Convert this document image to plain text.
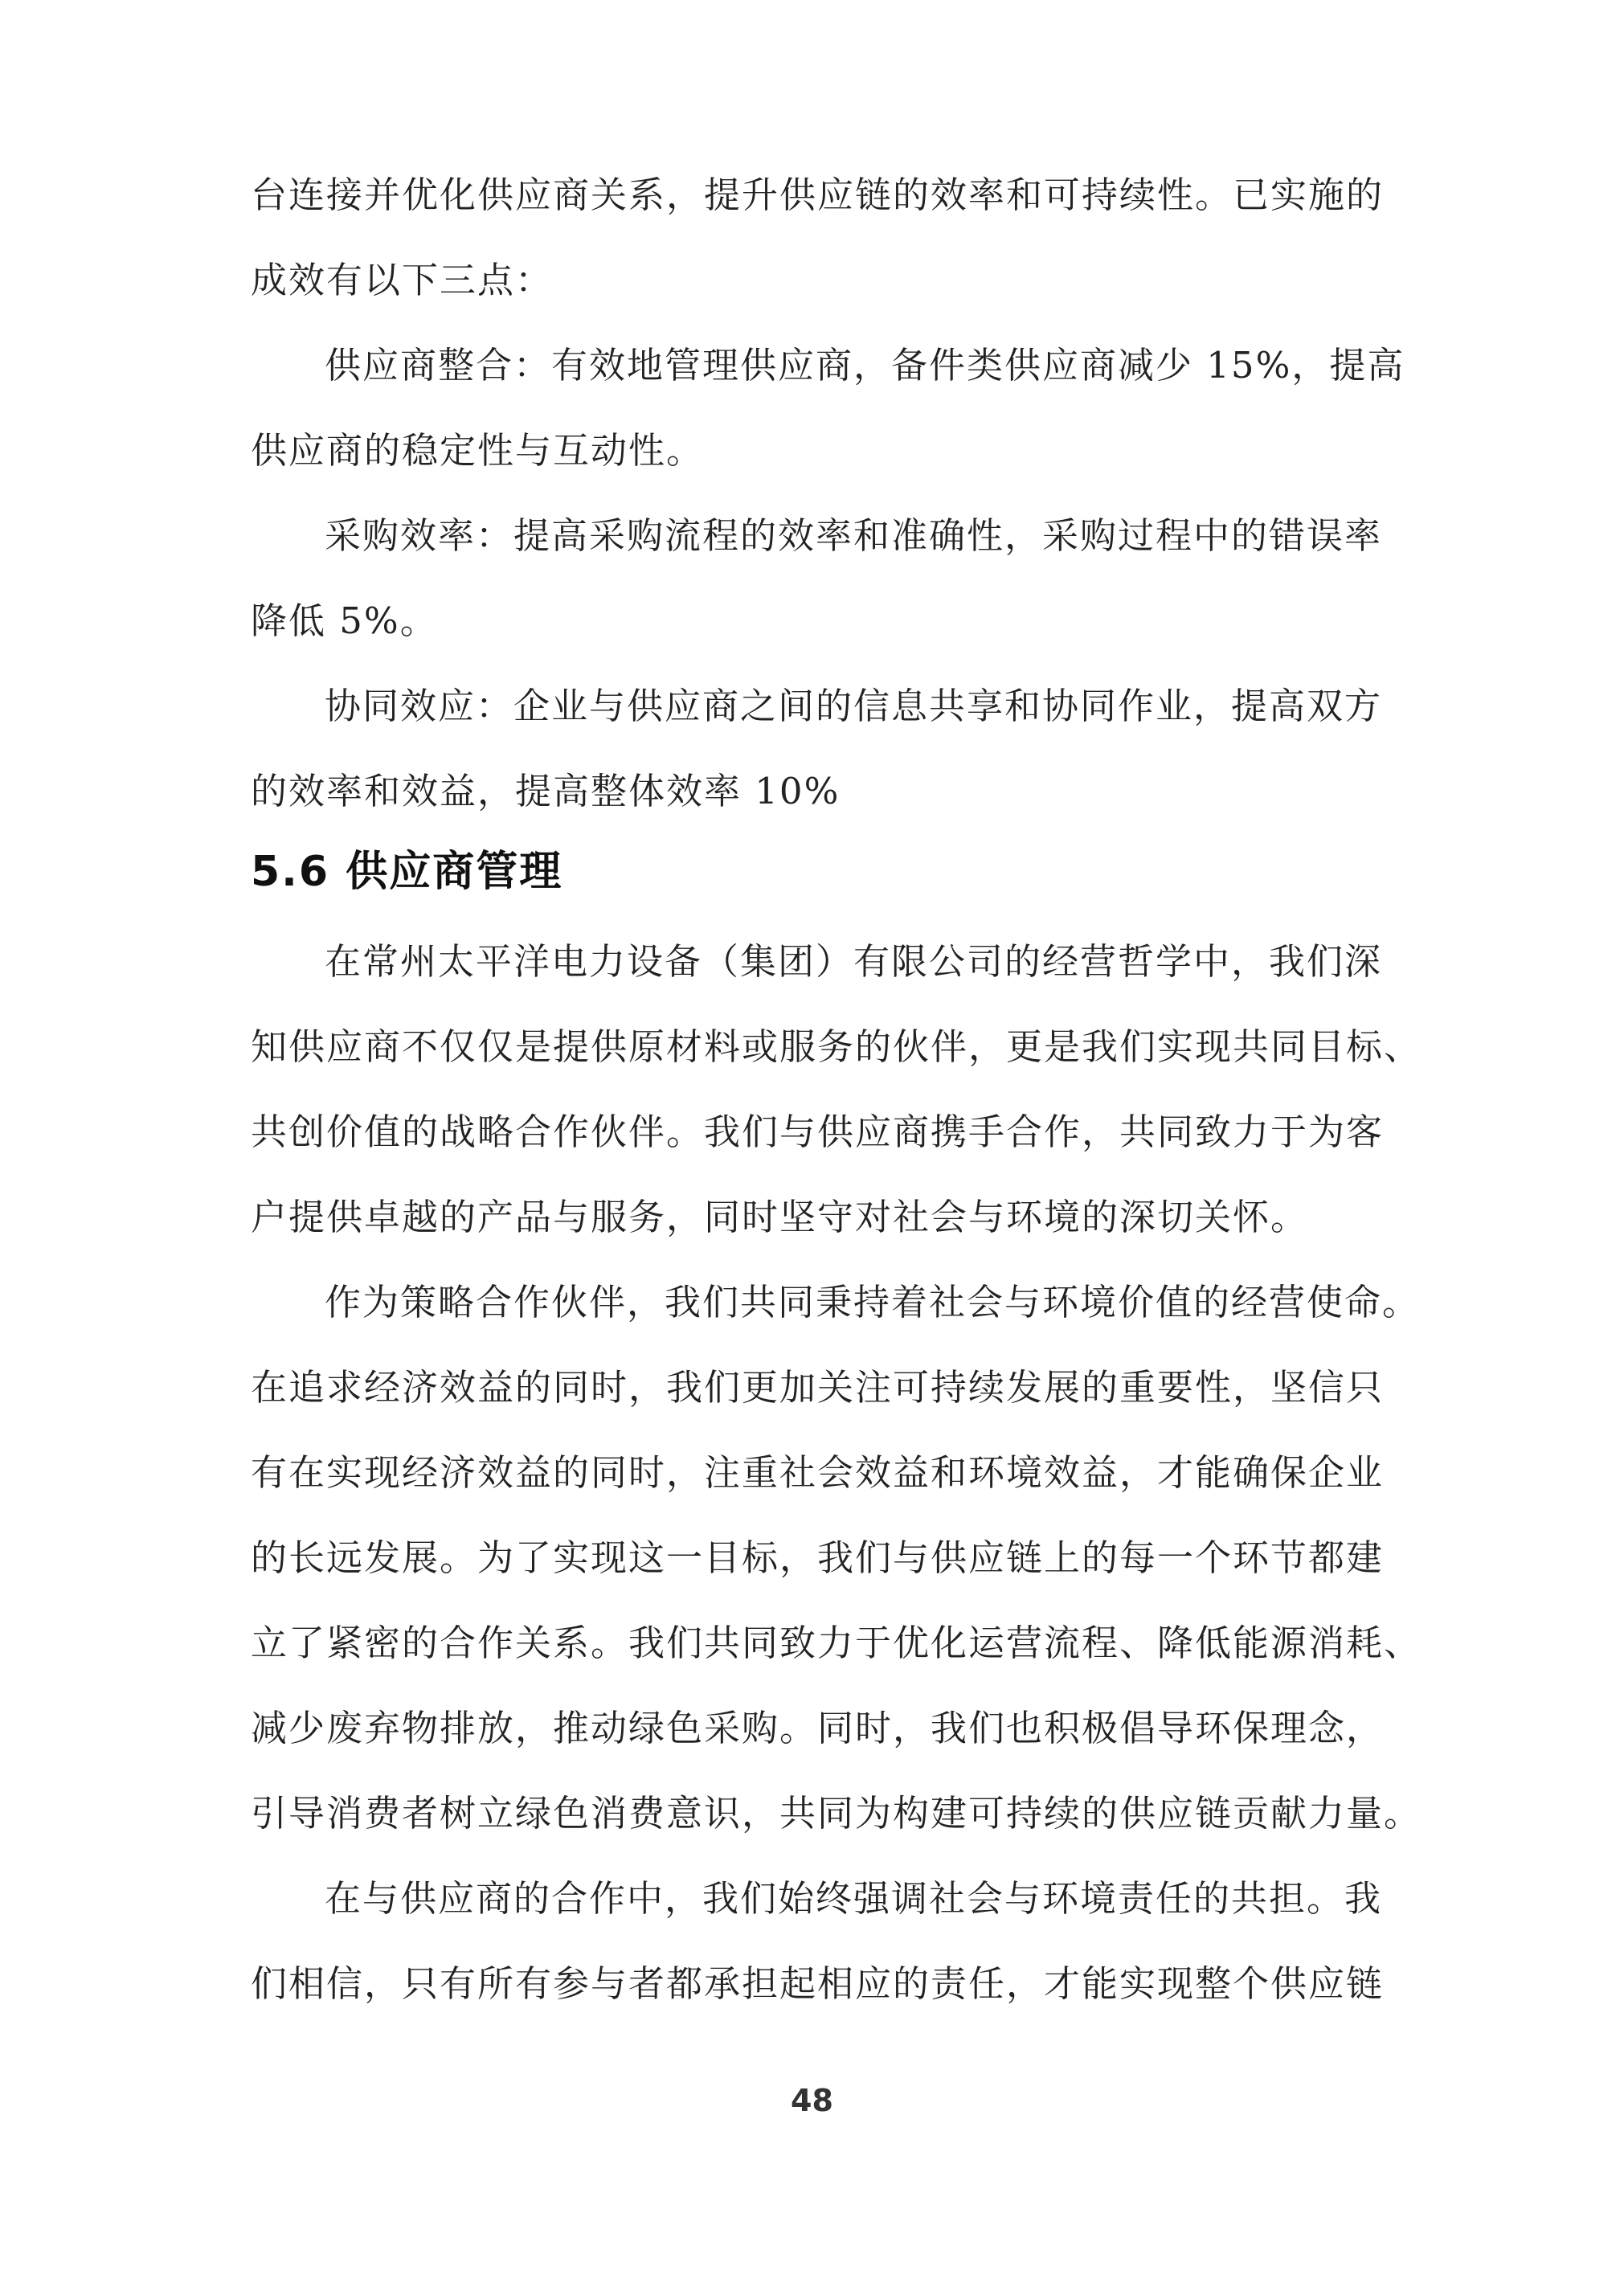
台连接并优化供应商关系，提升供应链的效率和可持续性。已实施的
成效有以下三点：
供应商整合：有效地管理供应商，备件类供应商减少 15%，提高
供应商的稳定性与互动性。
采购效率：提高采购流程的效率和准确性，采购过程中的错误率
降低 5%。
协同效应：企业与供应商之间的信息共享和协同作业，提高双方
的效率和效益，提高整体效率 10%
5.6 供应商管理
在常州太平洋电力设备（集团）有限公司的经营哲学中，我们深
知供应商不仅仅是提供原材料或服务的伙伴，更是我们实现共同目标、
共创价值的战略合作伙伴。我们与供应商携手合作，共同致力于为客
户提供卓越的产品与服务，同时坚守对社会与环境的深切关怀。
作为策略合作伙伴，我们共同秉持着社会与环境价值的经营使命。
在追求经济效益的同时，我们更加关注可持续发展的重要性，坚信只
有在实现经济效益的同时，注重社会效益和环境效益，才能确保企业
的长远发展。为了实现这一目标，我们与供应链上的每一个环节都建
立了紧密的合作关系。我们共同致力于优化运营流程、降低能源消耗、
减少废弃物排放，推动绿色采购。同时，我们也积极倡导环保理念，
引导消费者树立绿色消费意识，共同为构建可持续的供应链贡献力量。
在与供应商的合作中，我们始终强调社会与环境责任的共担。我
们相信，只有所有参与者都承担起相应的责任，才能实现整个供应链
48
